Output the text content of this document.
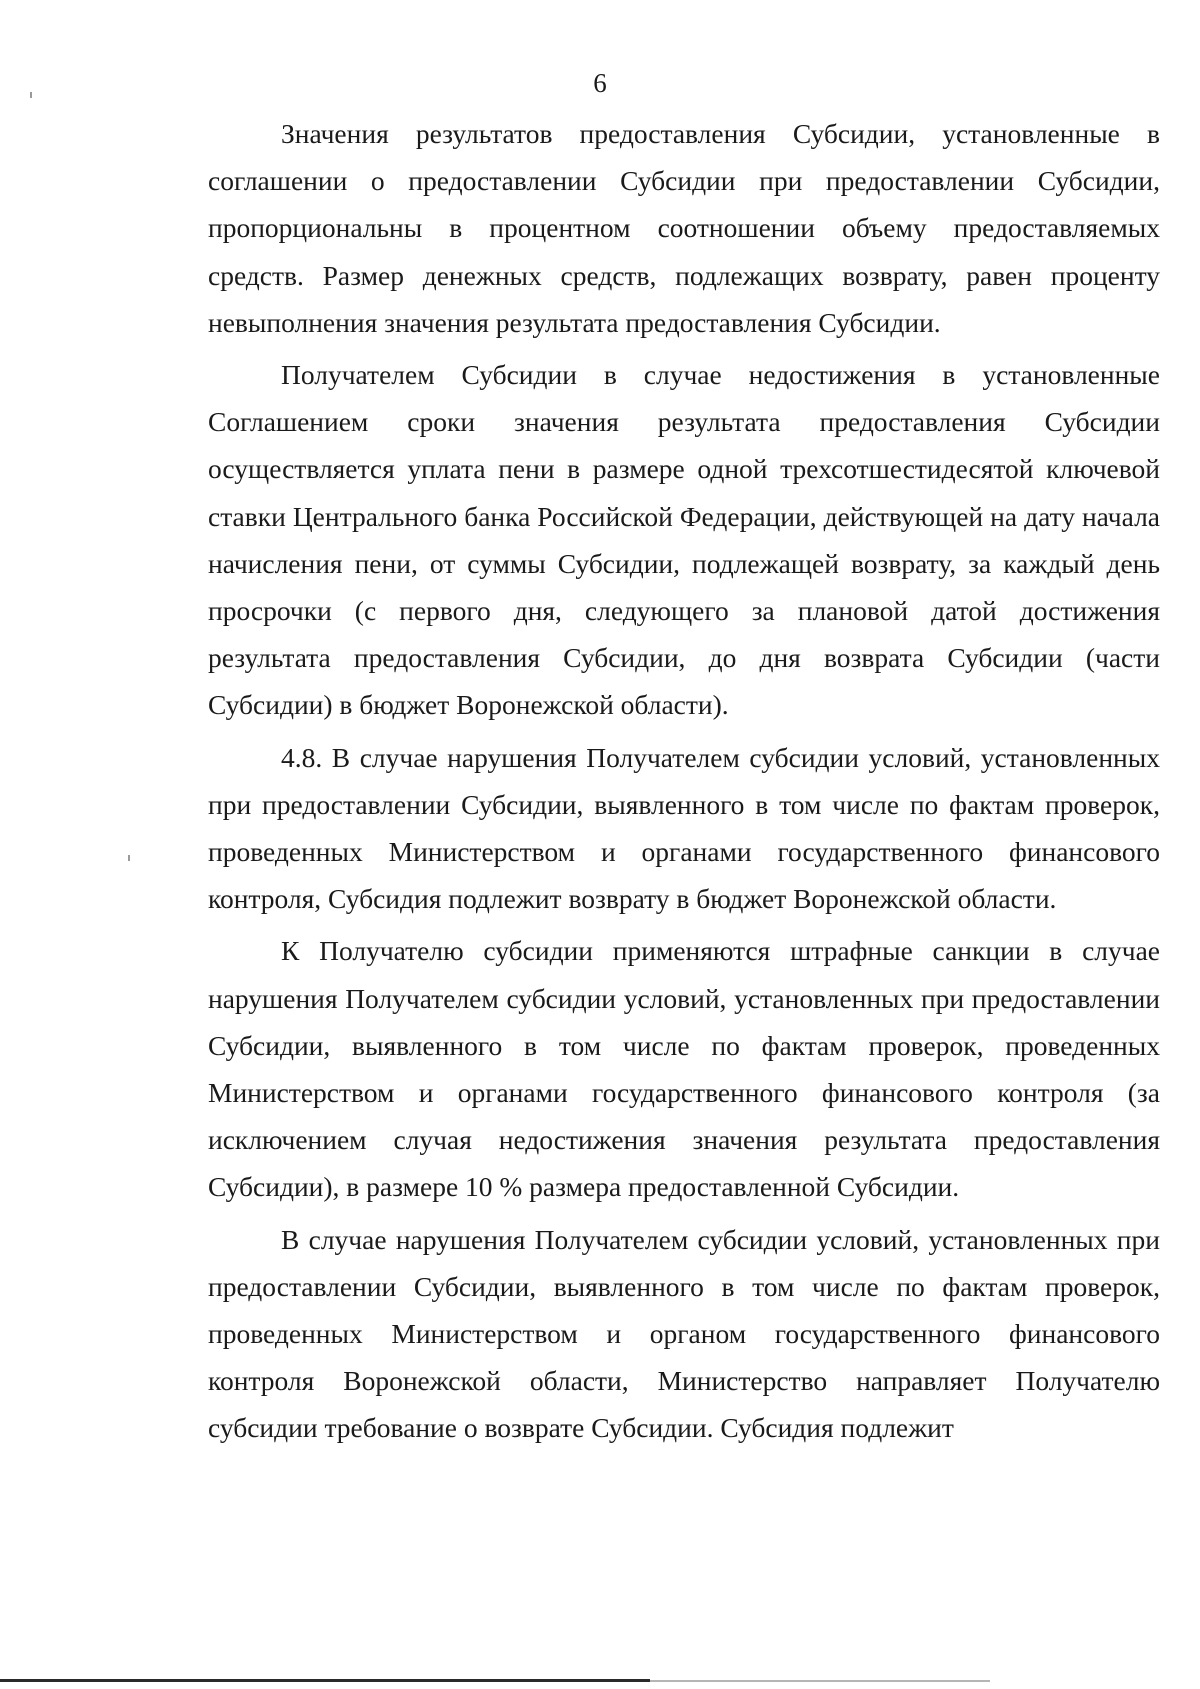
6

Значения результатов предоставления Субсидии, установленные в соглашении о предоставлении Субсидии при предоставлении Субсидии, пропорциональны в процентном соотношении объему предоставляемых средств. Размер денежных средств, подлежащих возврату, равен проценту невыполнения значения результата предоставления Субсидии.

Получателем Субсидии в случае недостижения в установленные Соглашением сроки значения результата предоставления Субсидии осуществляется уплата пени в размере одной трехсотшестидесятой ключевой ставки Центрального банка Российской Федерации, действующей на дату начала начисления пени, от суммы Субсидии, подлежащей возврату, за каждый день просрочки (с первого дня, следующего за плановой датой достижения результата предоставления Субсидии, до дня возврата Субсидии (части Субсидии) в бюджет Воронежской области).

4.8. В случае нарушения Получателем субсидии условий, установленных при предоставлении Субсидии, выявленного в том числе по фактам проверок, проведенных Министерством и органами государственного финансового контроля, Субсидия подлежит возврату в бюджет Воронежской области.

К Получателю субсидии применяются штрафные санкции в случае нарушения Получателем субсидии условий, установленных при предоставлении Субсидии, выявленного в том числе по фактам проверок, проведенных Министерством и органами государственного финансового контроля (за исключением случая недостижения значения результата предоставления Субсидии), в размере 10 % размера предоставленной Субсидии.

В случае нарушения Получателем субсидии условий, установленных при предоставлении Субсидии, выявленного в том числе по фактам проверок, проведенных Министерством и органом государственного финансового контроля Воронежской области, Министерство направляет Получателю субсидии требование о возврате Субсидии. Субсидия подлежит
